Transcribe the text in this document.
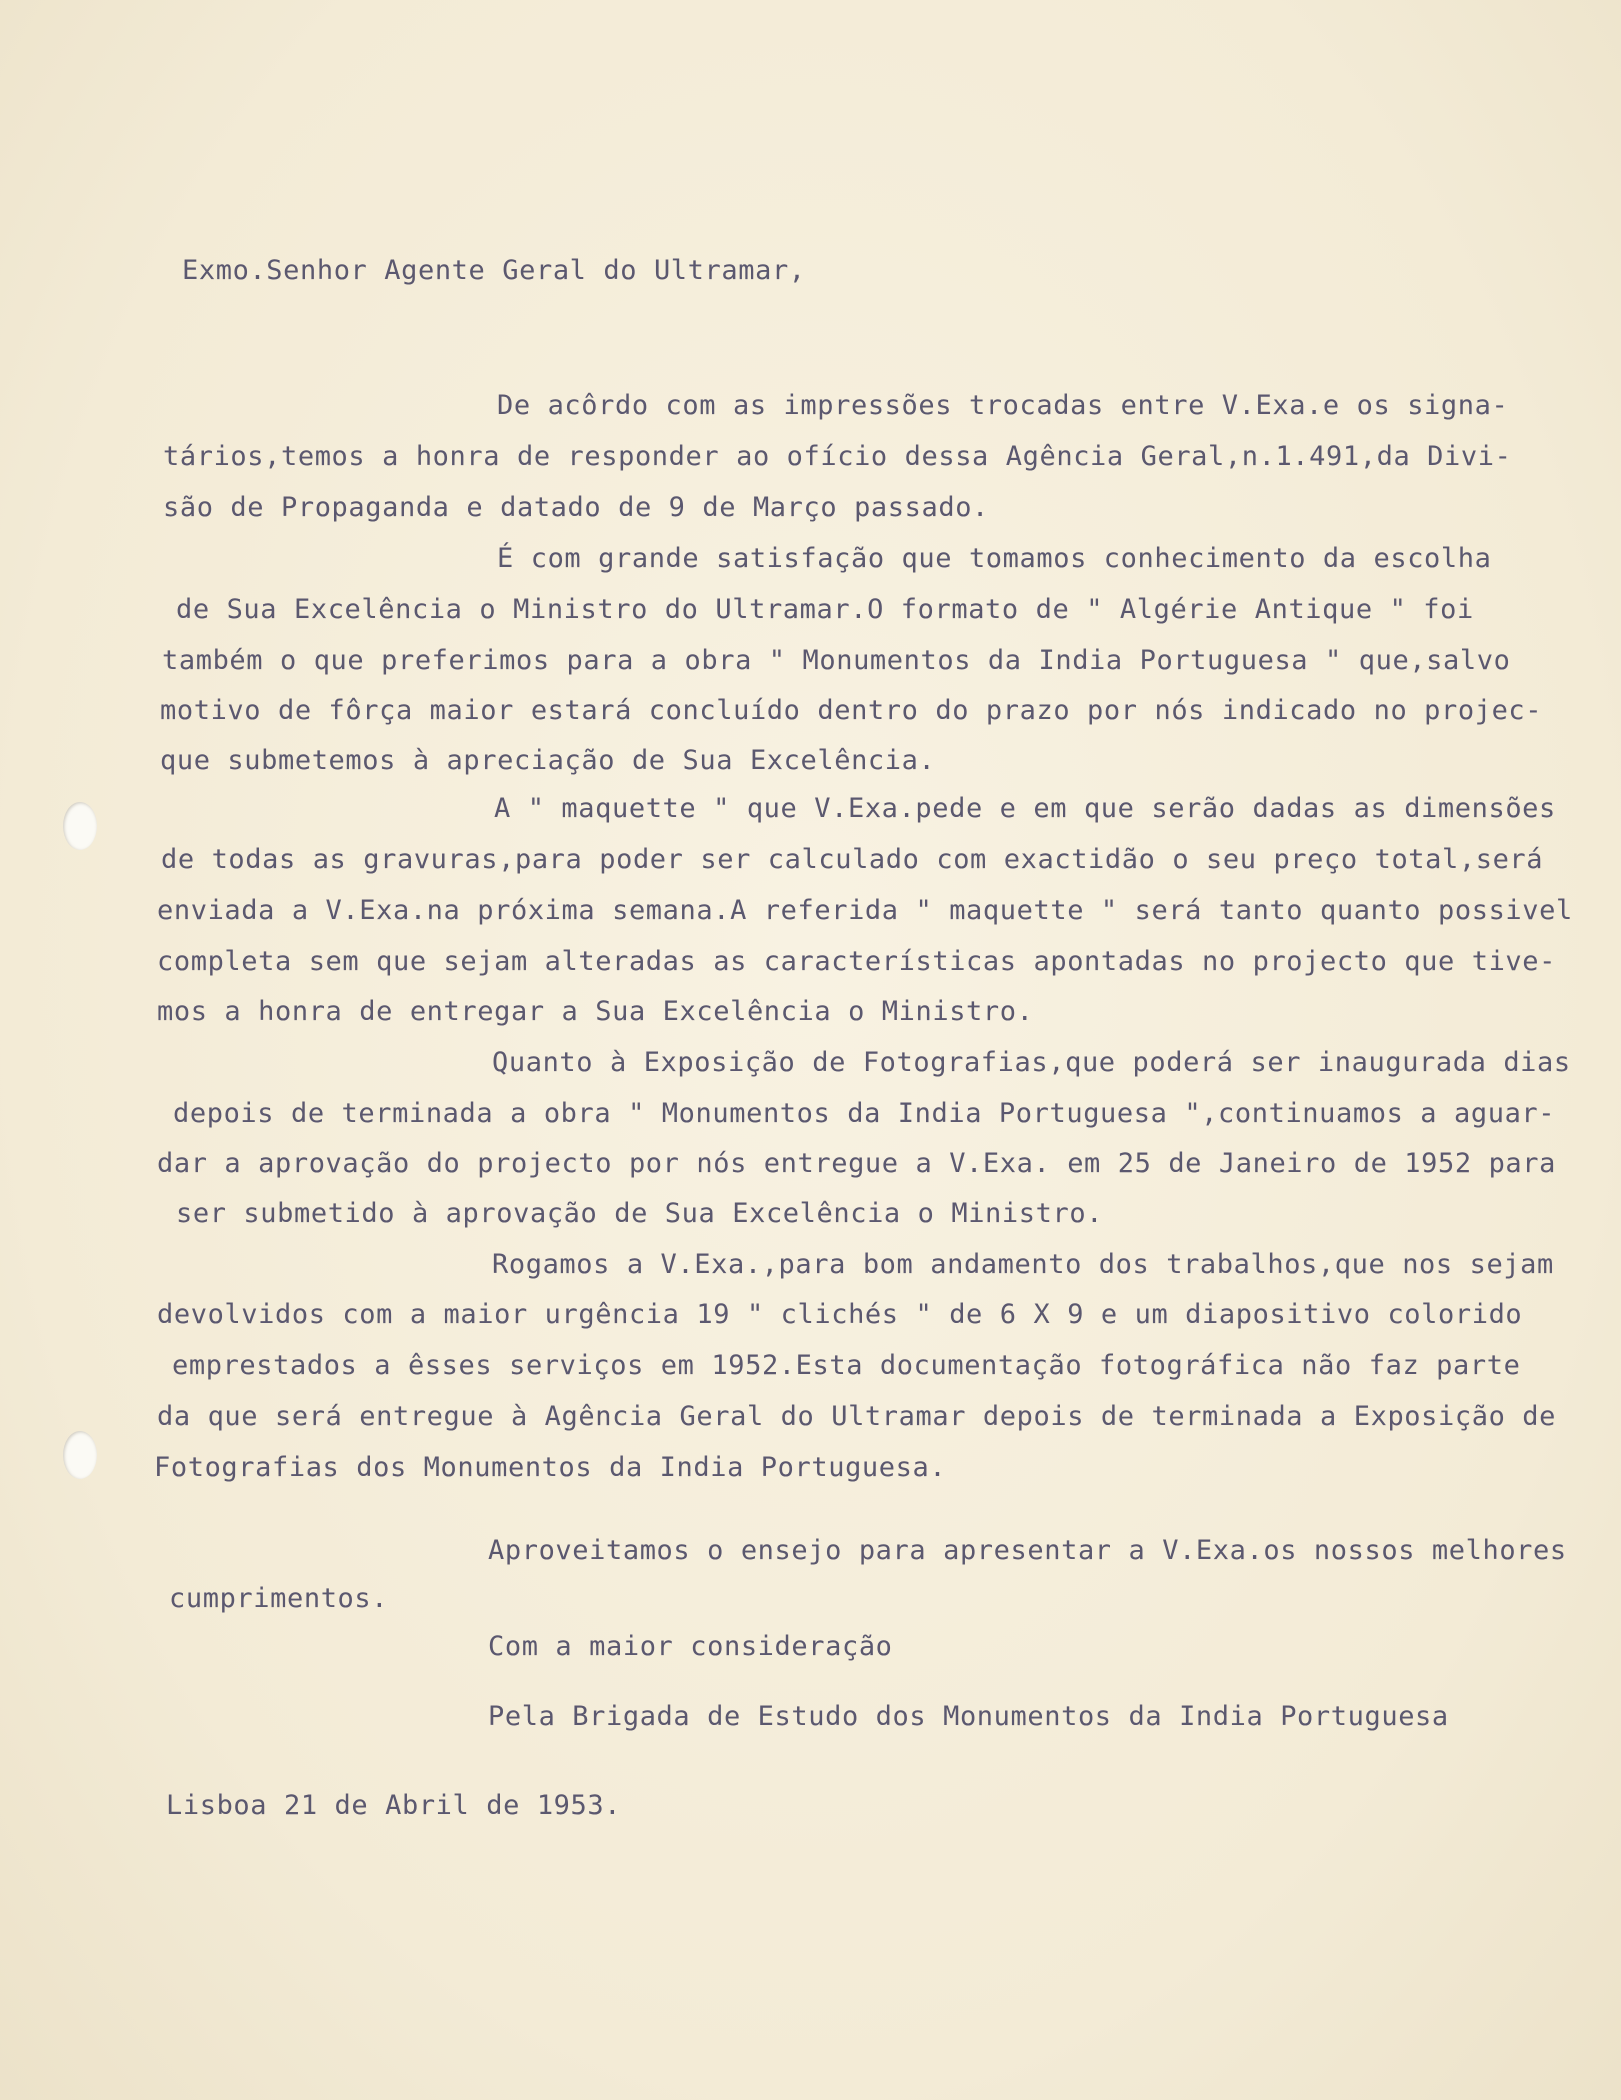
Exmo.Senhor Agente Geral do Ultramar,
De acôrdo com as impressões trocadas entre V.Exa.e os signa-
tários,temos a honra de responder ao ofício dessa Agência Geral,n.1.491,da Divi-
são de Propaganda e datado de 9 de Março passado.
É com grande satisfação que tomamos conhecimento da escolha
de Sua Excelência o Ministro do Ultramar.O formato de " Algérie Antique " foi
também o que preferimos para a obra " Monumentos da India Portuguesa " que,salvo
motivo de fôrça maior estará concluído dentro do prazo por nós indicado no projec-
que submetemos à apreciação de Sua Excelência.
A " maquette " que V.Exa.pede e em que serão dadas as dimensões
de todas as gravuras,para poder ser calculado com exactidão o seu preço total,será
enviada a V.Exa.na próxima semana.A referida " maquette " será tanto quanto possivel
completa sem que sejam alteradas as características apontadas no projecto que tive-
mos a honra de entregar a Sua Excelência o Ministro.
Quanto à Exposição de Fotografias,que poderá ser inaugurada dias
depois de terminada a obra " Monumentos da India Portuguesa ",continuamos a aguar-
dar a aprovação do projecto por nós entregue a V.Exa. em 25 de Janeiro de 1952 para
ser submetido à aprovação de Sua Excelência o Ministro.
Rogamos a V.Exa.,para bom andamento dos trabalhos,que nos sejam
devolvidos com a maior urgência 19 " clichés " de 6 X 9 e um diapositivo colorido
emprestados a êsses serviços em 1952.Esta documentação fotográfica não faz parte
da que será entregue à Agência Geral do Ultramar depois de terminada a Exposição de
Fotografias dos Monumentos da India Portuguesa.
Aproveitamos o ensejo para apresentar a V.Exa.os nossos melhores
cumprimentos.
Com a maior consideração
Pela Brigada de Estudo dos Monumentos da India Portuguesa
Lisboa 21 de Abril de 1953.
